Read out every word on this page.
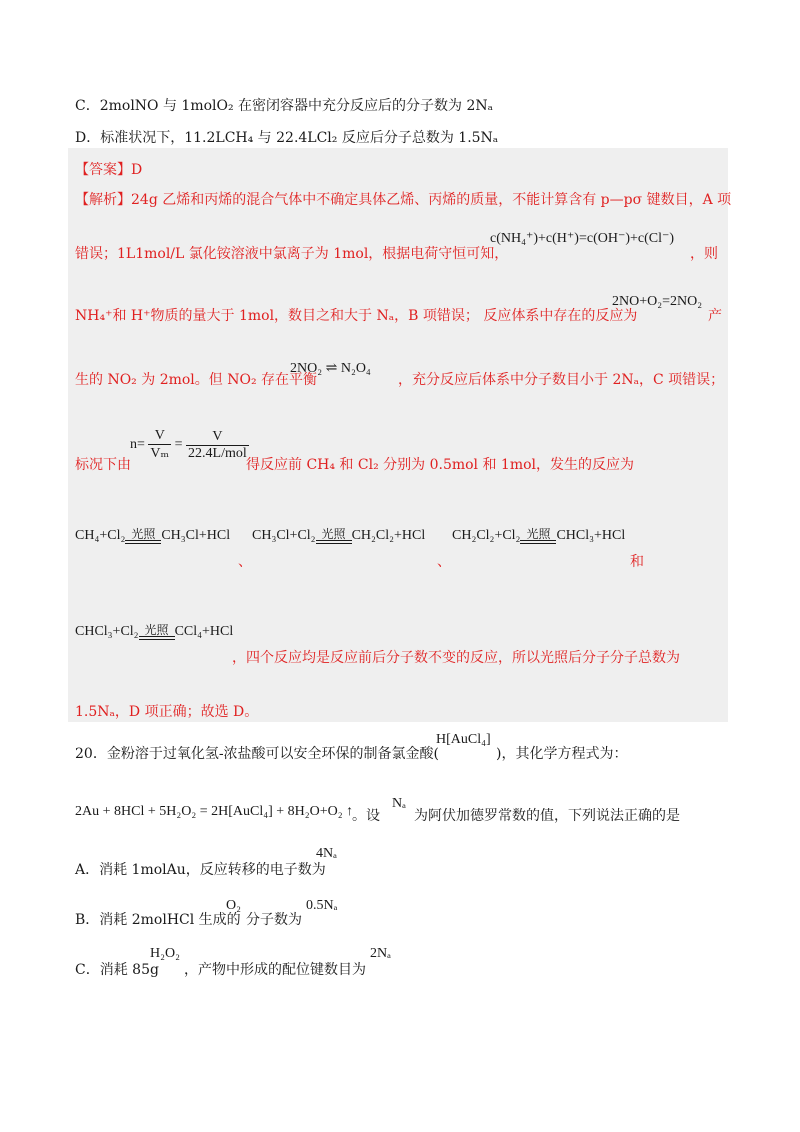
C．2molNO 与 1molO₂ 在密闭容器中充分反应后的分子数为 2Nₐ
D．标准状况下，11.2LCH₄ 与 22.4LCl₂ 反应后分子总数为 1.5Nₐ
【答案】D
【解析】24g 乙烯和丙烯的混合气体中不确定具体乙烯、丙烯的质量，不能计算含有 p—pσ 键数目，A 项
错误；1L1mol/L 氯化铵溶液中氯离子为 1mol，根据电荷守恒可知，
c(NH₄⁺)+c(H⁺)=c(OH⁻)+c(Cl⁻)
，则
NH₄⁺和 H⁺物质的量大于 1mol，数目之和大于 Nₐ，B 项错误； 反应体系中存在的反应为
2NO+O₂=2NO₂
产
生的 NO₂ 为 2mol。但 NO₂ 存在平衡
2NO₂ ⇌ N₂O₄
，充分反应后体系中分子数目小于 2Nₐ，C 项错误；
标况下由
$n= \frac{V}{\text{Vₘ}} = \frac{V}{\text{22.4L/mol}}$
得反应前 CH₄ 和 Cl₂ 分别为 0.5mol 和 1mol，发生的反应为
CH₄+Cl₂ 光照 CH₃Cl+HCl
、
CH₃Cl+Cl₂ 光照 CH₂Cl₂+HCl
、
CH₂Cl₂+Cl₂ 光照 CHCl₃+HCl
和
CHCl₃+Cl₂ 光照 CCl₄+HCl
，四个反应均是反应前后分子数不变的反应，所以光照后分子分子总数为
1.5Nₐ，D 项正确；故选 D。
20．金粉溶于过氧化氢-浓盐酸可以安全环保的制备氯金酸(
H[AuCl₄]
)，其化学方程式为：
2Au + 8HCl + 5H₂O₂ = 2H[AuCl₄] + 8H₂O+O₂ ↑
。设
Nₐ
为阿伏加德罗常数的值，下列说法正确的是
A．消耗 1molAu，反应转移的电子数为
4Nₐ
B．消耗 2molHCl 生成的
O₂
分子数为
0.5Nₐ
C．消耗 85g
H₂O₂
，产物中形成的配位键数目为
2Nₐ
